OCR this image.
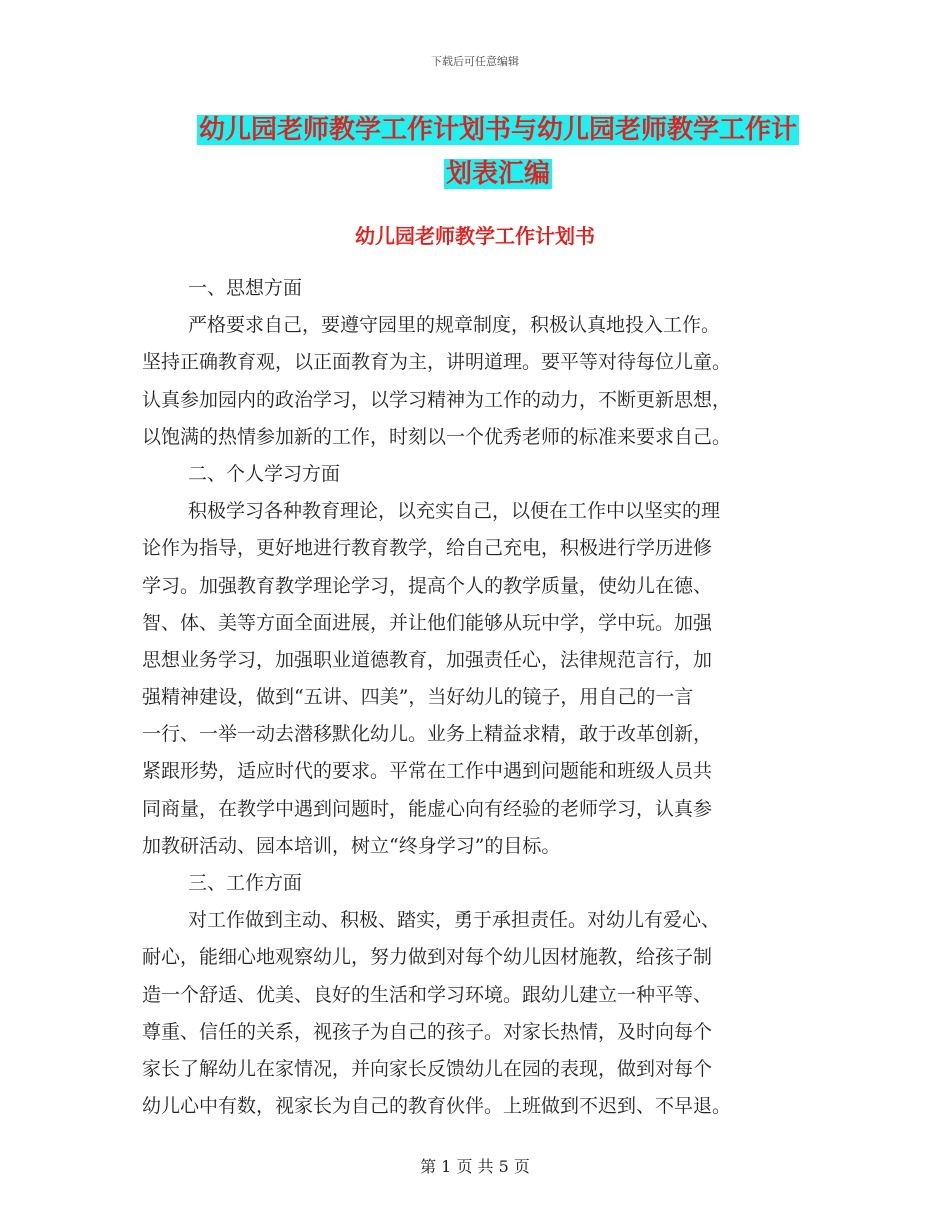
下载后可任意编辑
幼儿园老师教学工作计划书与幼儿园老师教学工作计
划表汇编
幼儿园老师教学工作计划书
一、思想方面
严格要求自己，要遵守园里的规章制度，积极认真地投入工作。
坚持正确教育观，以正面教育为主，讲明道理。要平等对待每位儿童。
认真参加园内的政治学习，以学习精神为工作的动力，不断更新思想，
以饱满的热情参加新的工作，时刻以一个优秀老师的标准来要求自己。
二、个人学习方面
积极学习各种教育理论，以充实自己，以便在工作中以坚实的理
论作为指导，更好地进行教育教学，给自己充电，积极进行学历进修
学习。加强教育教学理论学习，提高个人的教学质量，使幼儿在德、
智、体、美等方面全面进展，并让他们能够从玩中学，学中玩。加强
思想业务学习，加强职业道德教育，加强责任心，法律规范言行，加
强精神建设，做到“五讲、四美”，当好幼儿的镜子，用自己的一言
一行、一举一动去潜移默化幼儿。业务上精益求精，敢于改革创新，
紧跟形势，适应时代的要求。平常在工作中遇到问题能和班级人员共
同商量，在教学中遇到问题时，能虚心向有经验的老师学习，认真参
加教研活动、园本培训，树立“终身学习”的目标。
三、工作方面
对工作做到主动、积极、踏实，勇于承担责任。对幼儿有爱心、
耐心，能细心地观察幼儿，努力做到对每个幼儿因材施教，给孩子制
造一个舒适、优美、良好的生活和学习环境。跟幼儿建立一种平等、
尊重、信任的关系，视孩子为自己的孩子。对家长热情，及时向每个
家长了解幼儿在家情况，并向家长反馈幼儿在园的表现，做到对每个
幼儿心中有数，视家长为自己的教育伙伴。上班做到不迟到、不早退。
第 1 页 共 5 页
